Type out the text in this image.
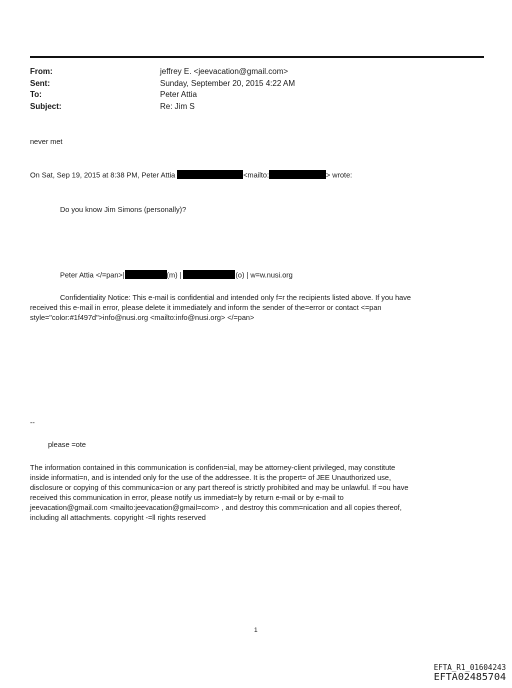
From:	jeffrey E. <jeevacation@gmail.com>
Sent:	Sunday, September 20, 2015 4:22 AM
To:	Peter Attia
Subject:	Re: Jim S
never met
On Sat, Sep 19, 2015 at 8:38 PM, Peter Attia	<mailto:	> wrote:
Do you know Jim Simons (personally)?
Peter Attia </=pan>|	(m) |	(o) | w=w.nusi.org
Confidentiality Notice: This e-mail is confidential and intended only f=r the recipients listed above. If you have
received this e-mail in error, please delete it immediately and inform the sender of the=error or contact <=pan
style="color:#1f497d">info@nusi.org <mailto:info@nusi.org> </=pan>
--
please =ote
The information contained in this communication is confiden=ial, may be attorney-client privileged, may constitute
inside informati=n, and is intended only for the use of the addressee. It is the propert= of JEE Unauthorized use,
disclosure or copying of this communica=ion or any part thereof is strictly prohibited and may be unlawful. If =ou have
received this communication in error, please notify us immediat=ly by return e-mail or by e-mail to
jeevacation@gmail.com <mailto:jeevacation@gmail=com> , and destroy this comm=nication and all copies thereof,
including all attachments. copyright -=ll rights reserved
1
EFTA_R1_01604243
EFTA02485704
